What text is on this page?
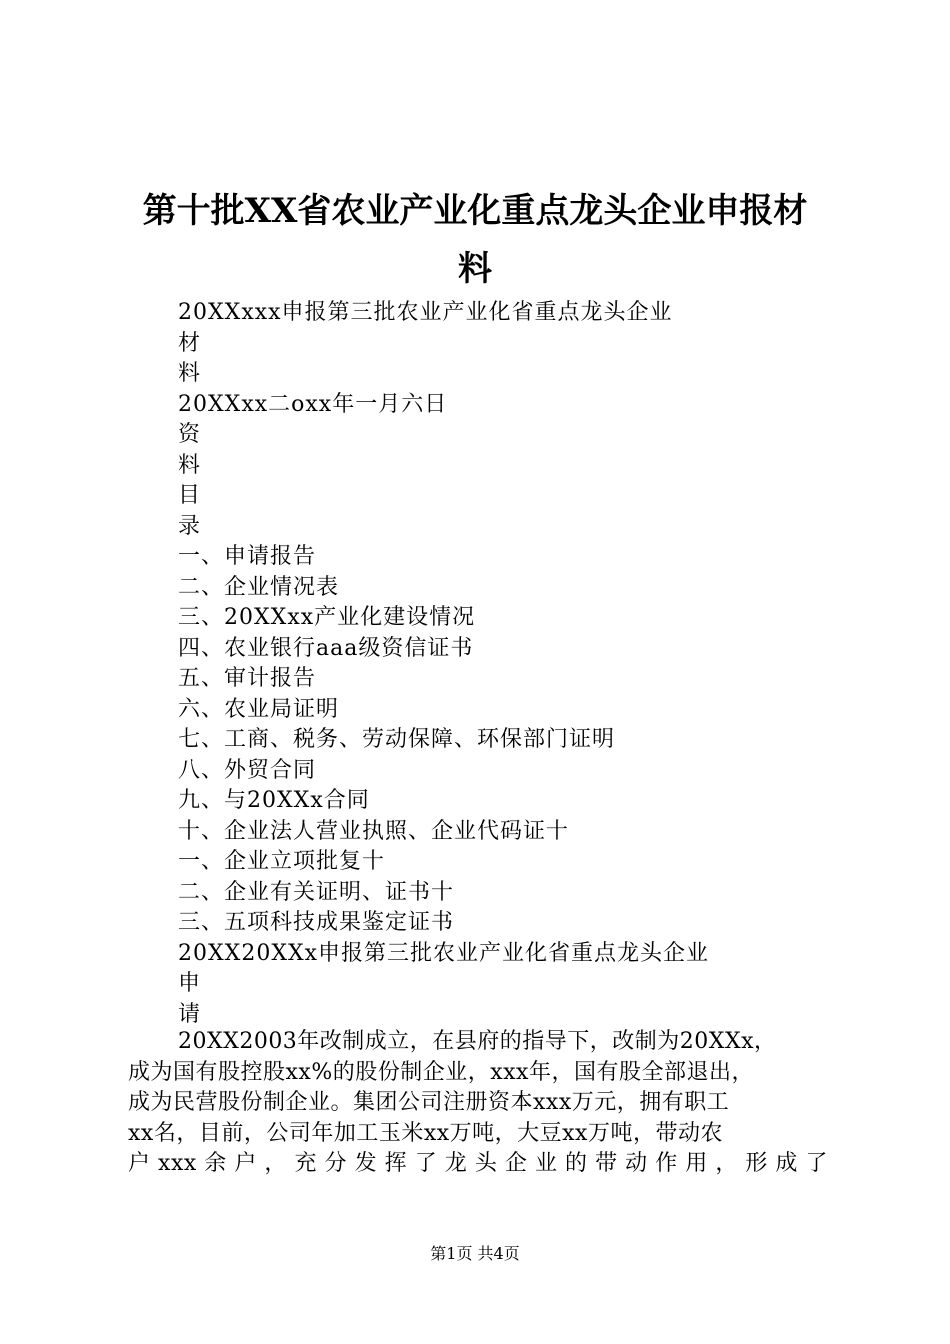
第十批XX省农业产业化重点龙头企业申报材
料
20XXxxx申报第三批农业产业化省重点龙头企业
材
料
20XXxx二oxx年一月六日
资
料
目
录
一、申请报告
二、企业情况表
三、20XXxx产业化建设情况
四、农业银行aaa级资信证书
五、审计报告
六、农业局证明
七、工商、税务、劳动保障、环保部门证明
八、外贸合同
九、与20XXx合同
十、企业法人营业执照、企业代码证十
一、企业立项批复十
二、企业有关证明、证书十
三、五项科技成果鉴定证书
20XX20XXx申报第三批农业产业化省重点龙头企业
申
请
20XX2003年改制成立，在县府的指导下，改制为20XXx，
成为国有股控股xx%的股份制企业，xxx年，国有股全部退出，
成为民营股份制企业。集团公司注册资本xxx万元，拥有职工
xx名，目前，公司年加工玉米xx万吨，大豆xx万吨，带动农
户 xxx 余 户 ， 充 分 发 挥 了 龙 头 企 业 的 带 动 作 用 ， 形 成 了
第1页 共4页
